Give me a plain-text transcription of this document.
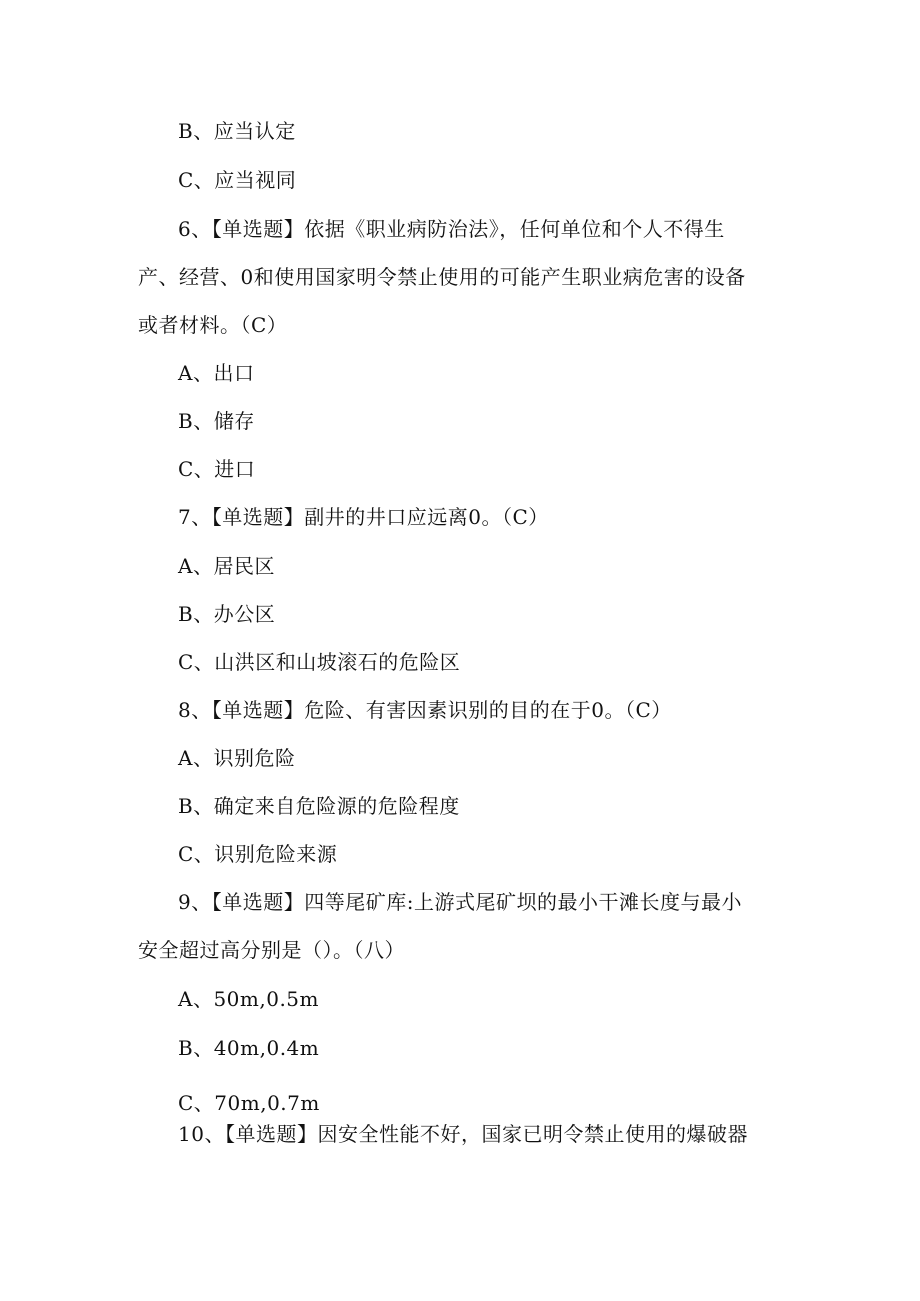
B、应当认定
C、应当视同
6、【单选题】依据《职业病防治法》，任何单位和个人不得生
产、经营、0和使用国家明令禁止使用的可能产生职业病危害的设备
或者材料。（C）
A、出口
B、储存
C、进口
7、【单选题】副井的井口应远离0。（C）
A、居民区
B、办公区
C、山洪区和山坡滚石的危险区
8、【单选题】危险、有害因素识别的目的在于0。（C）
A、识别危险
B、确定来自危险源的危险程度
C、识别危险来源
9、【单选题】四等尾矿库:上游式尾矿坝的最小干滩长度与最小
安全超过高分别是（）。（八）
A、50m,0.5m
B、40m,0.4m
C、70m,0.7m
10、【单选题】因安全性能不好，国家已明令禁止使用的爆破器
